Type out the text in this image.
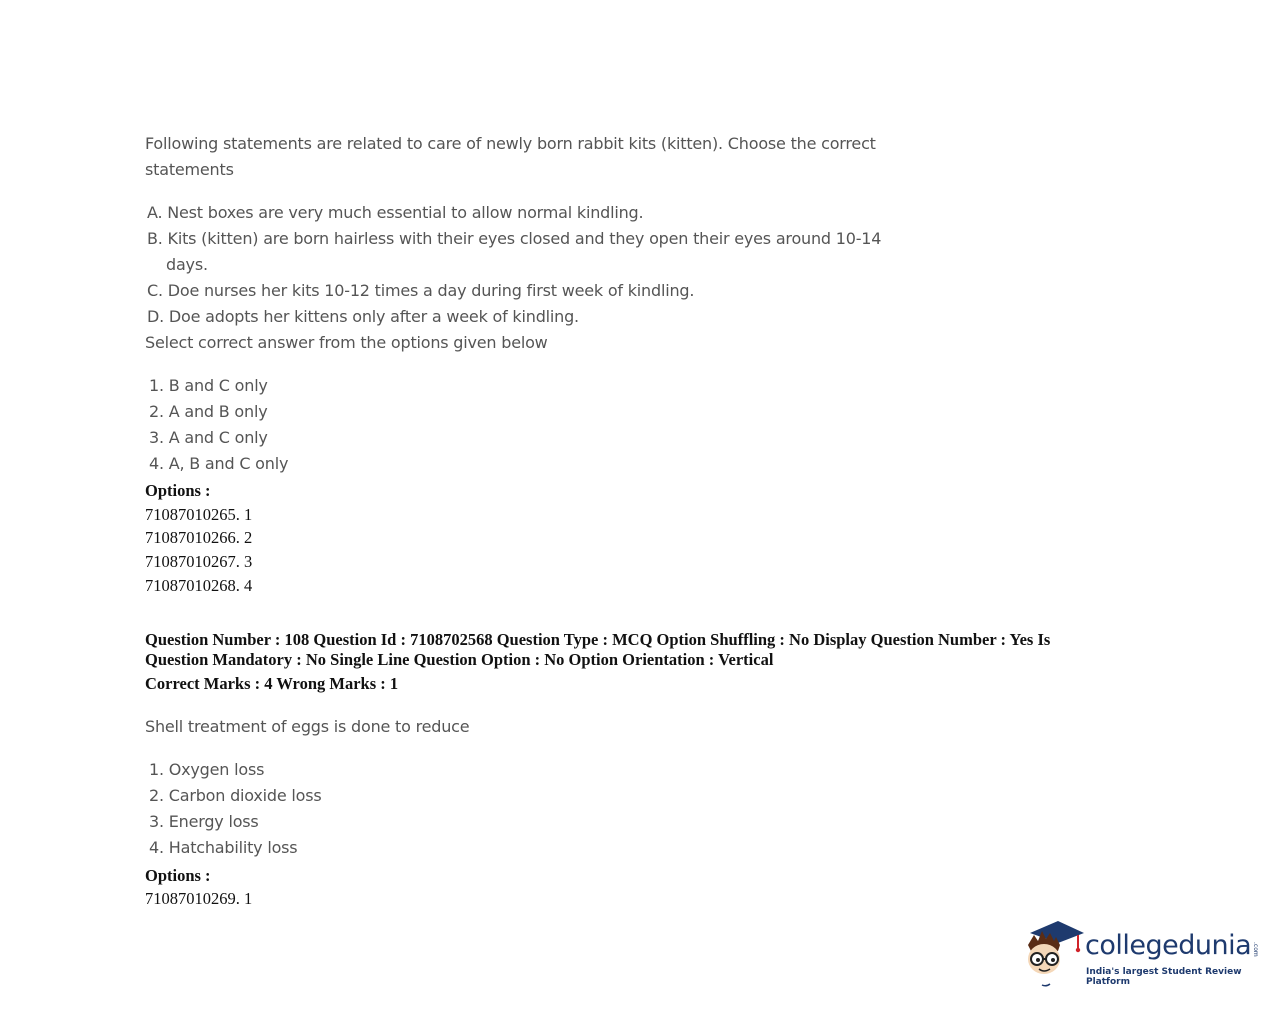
Following statements are related to care of newly born rabbit kits (kitten). Choose the correct
statements
A. Nest boxes are very much essential to allow normal kindling.
B. Kits (kitten) are born hairless with their eyes closed and they open their eyes around 10-14
days.
C. Doe nurses her kits 10-12 times a day during first week of kindling.
D. Doe adopts her kittens only after a week of kindling.
Select correct answer from the options given below
1. B and C only
2. A and B only
3. A and C only
4. A, B and C only
Options :
71087010265. 1
71087010266. 2
71087010267. 3
71087010268. 4
Question Number : 108 Question Id : 7108702568 Question Type : MCQ Option Shuffling : No Display Question Number : Yes Is
Question Mandatory : No Single Line Question Option : No Option Orientation : Vertical
Correct Marks : 4 Wrong Marks : 1
Shell treatment of eggs is done to reduce
1. Oxygen loss
2. Carbon dioxide loss
3. Energy loss
4. Hatchability loss
Options :
71087010269. 1
collegedunia .com
India's largest Student Review Platform
